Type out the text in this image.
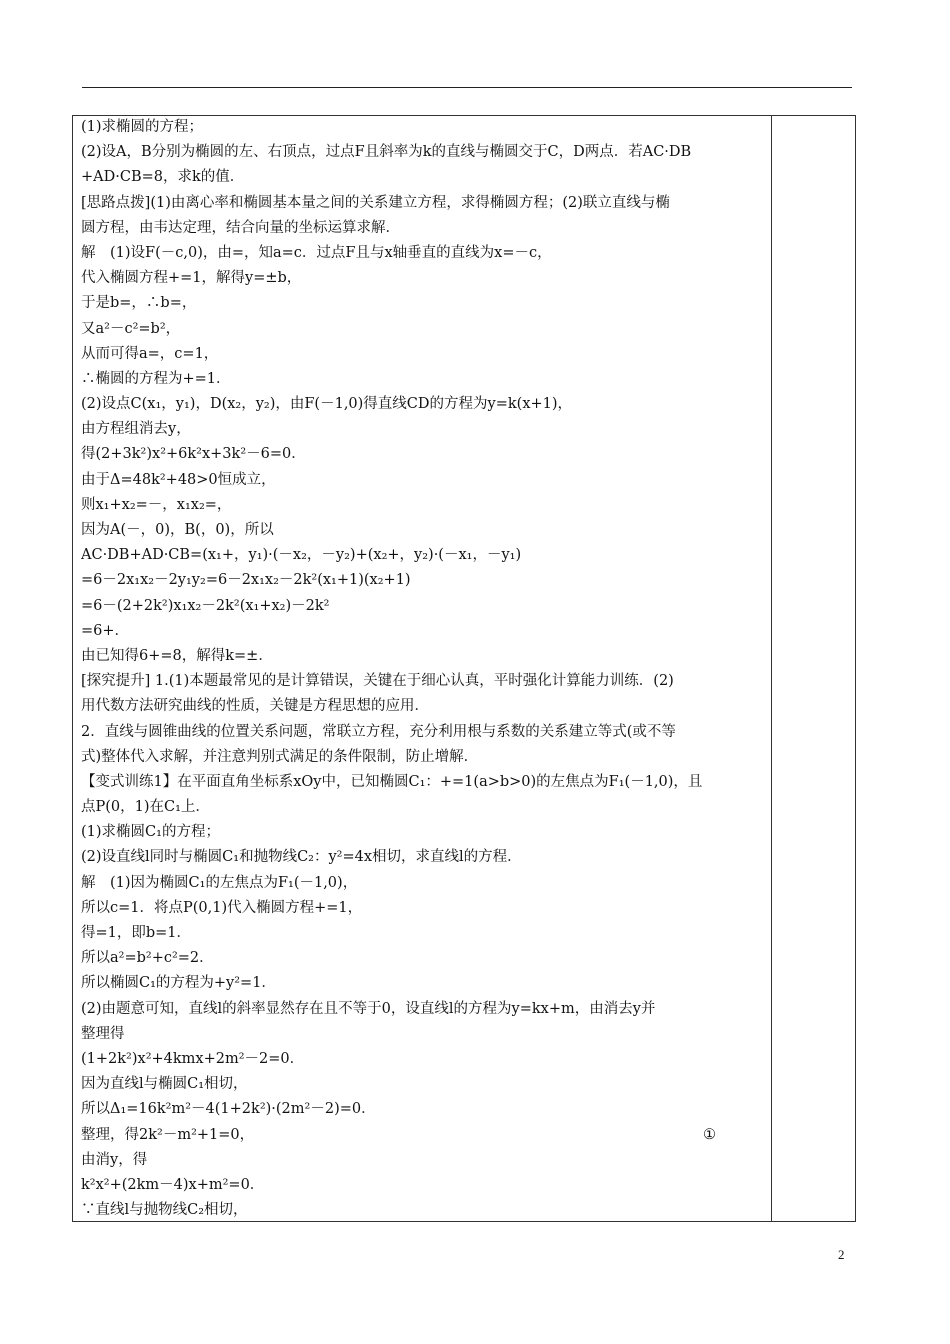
(1)求椭圆的方程；
(2)设A，B分别为椭圆的左、右顶点，过点F且斜率为k的直线与椭圆交于C，D两点．若AC·DB
+AD·CB=8，求k的值．
[思路点拨](1)由离心率和椭圆基本量之间的关系建立方程，求得椭圆方程；(2)联立直线与椭
圆方程，由韦达定理，结合向量的坐标运算求解．
解　(1)设F(－c,0)，由=，知a=c．过点F且与x轴垂直的直线为x=－c，
代入椭圆方程+=1，解得y=±b，
于是b=，∴b=，
又a²－c²=b²，
从而可得a=，c=1，
∴椭圆的方程为+=1．
(2)设点C(x₁，y₁)，D(x₂，y₂)，由F(－1,0)得直线CD的方程为y=k(x+1)，
由方程组消去y，
得(2+3k²)x²+6k²x+3k²－6=0．
由于Δ=48k²+48>0恒成立，
则x₁+x₂=－，x₁x₂=，
因为A(－，0)，B(，0)，所以
AC·DB+AD·CB=(x₁+，y₁)·(－x₂，－y₂)+(x₂+，y₂)·(－x₁，－y₁)
=6－2x₁x₂－2y₁y₂=6－2x₁x₂－2k²(x₁+1)(x₂+1)
=6－(2+2k²)x₁x₂－2k²(x₁+x₂)－2k²
=6+．
由已知得6+=8，解得k=±．
[探究提升] 1.(1)本题最常见的是计算错误，关键在于细心认真，平时强化计算能力训练．(2)
用代数方法研究曲线的性质，关键是方程思想的应用．
2．直线与圆锥曲线的位置关系问题，常联立方程，充分利用根与系数的关系建立等式(或不等
式)整体代入求解，并注意判别式满足的条件限制，防止增解．
【变式训练1】在平面直角坐标系xOy中，已知椭圆C₁：+=1(a>b>0)的左焦点为F₁(－1,0)，且
点P(0，1)在C₁上．
(1)求椭圆C₁的方程；
(2)设直线l同时与椭圆C₁和抛物线C₂：y²=4x相切，求直线l的方程．
解　(1)因为椭圆C₁的左焦点为F₁(－1,0)，
所以c=1．将点P(0,1)代入椭圆方程+=1，
得=1，即b=1．
所以a²=b²+c²=2．
所以椭圆C₁的方程为+y²=1．
(2)由题意可知，直线l的斜率显然存在且不等于0，设直线l的方程为y=kx+m，由消去y并
整理得
(1+2k²)x²+4kmx+2m²－2=0．
因为直线l与椭圆C₁相切，
所以Δ₁=16k²m²－4(1+2k²)·(2m²－2)=0．
整理，得2k²－m²+1=0，	①
由消y，得
k²x²+(2km－4)x+m²=0．
∵直线l与抛物线C₂相切，
2
